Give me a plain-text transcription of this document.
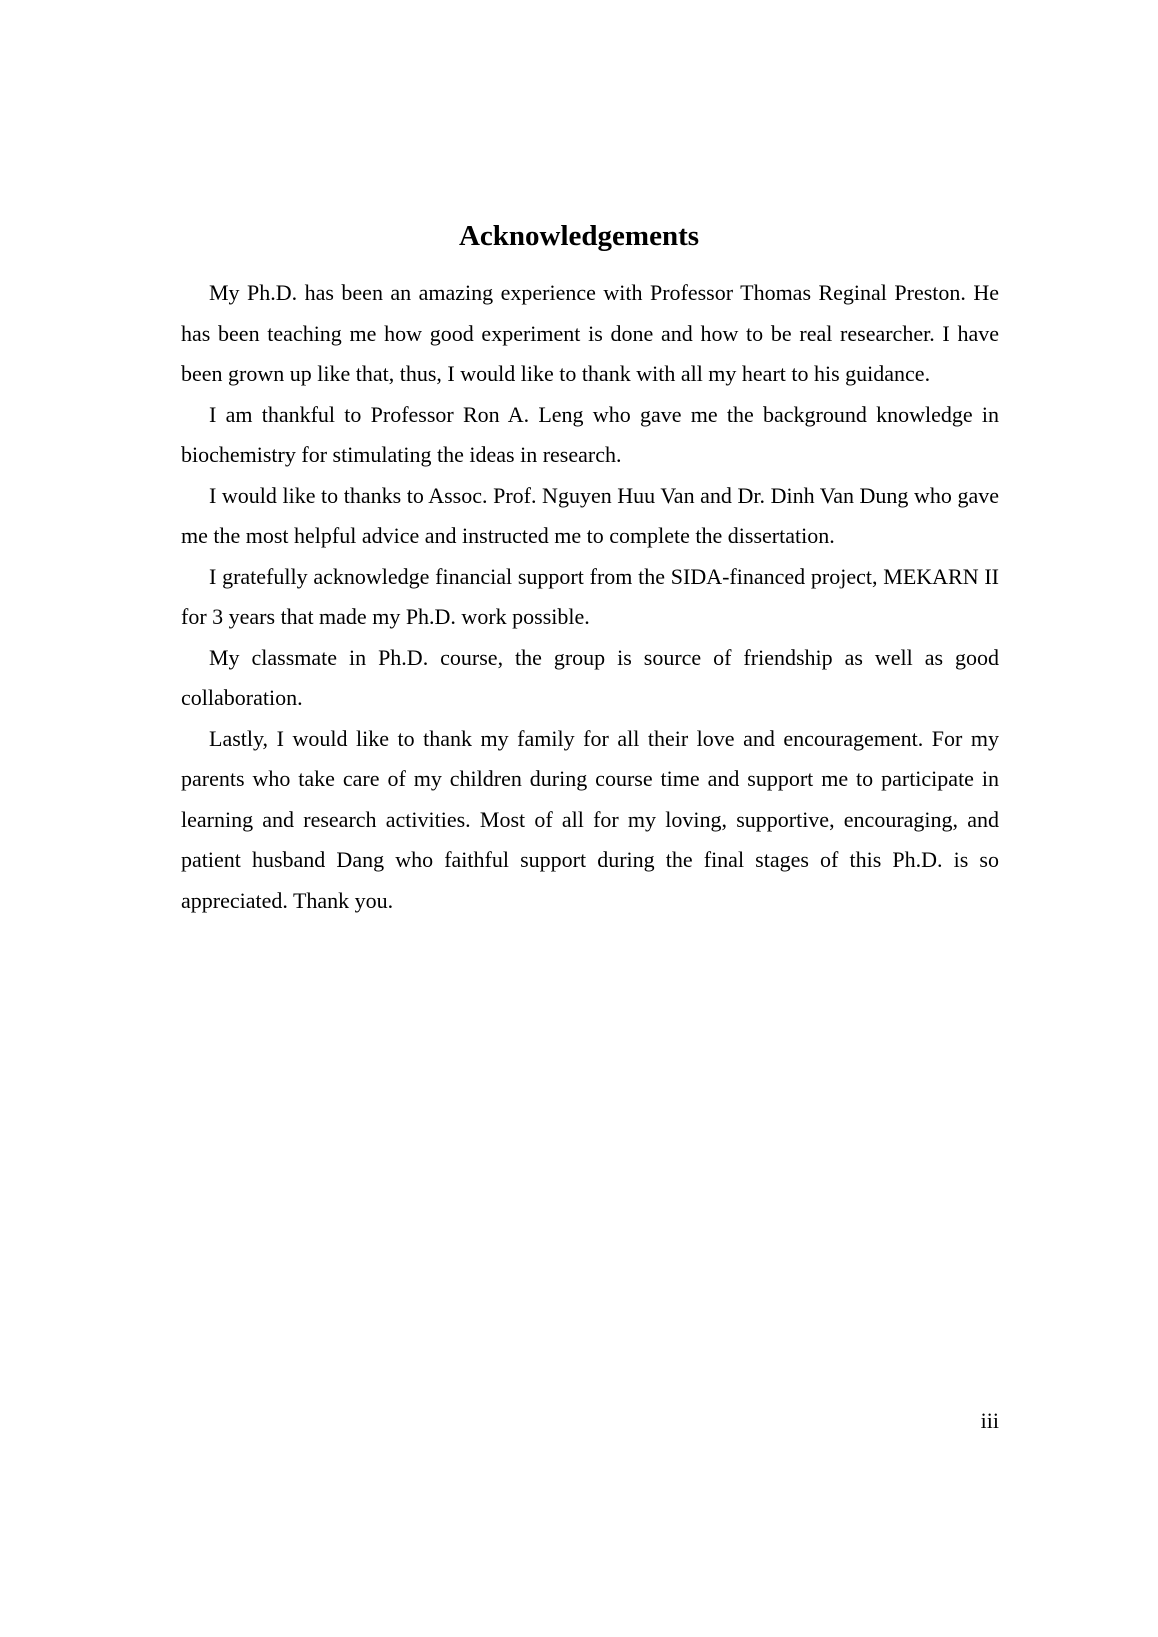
Acknowledgements

My Ph.D. has been an amazing experience with Professor Thomas Reginal Preston. He has been teaching me how good experiment is done and how to be real researcher. I have been grown up like that, thus, I would like to thank with all my heart to his guidance.

I am thankful to Professor Ron A. Leng who gave me the background knowledge in biochemistry for stimulating the ideas in research.

I would like to thanks to Assoc. Prof. Nguyen Huu Van and Dr. Dinh Van Dung who gave me the most helpful advice and instructed me to complete the dissertation.

I gratefully acknowledge financial support from the SIDA-financed project, MEKARN II for 3 years that made my Ph.D. work possible.

My classmate in Ph.D. course, the group is source of friendship as well as good collaboration.

Lastly, I would like to thank my family for all their love and encouragement. For my parents who take care of my children during course time and support me to participate in learning and research activities. Most of all for my loving, supportive, encouraging, and patient husband Dang who faithful support during the final stages of this Ph.D. is so appreciated. Thank you.

iii
